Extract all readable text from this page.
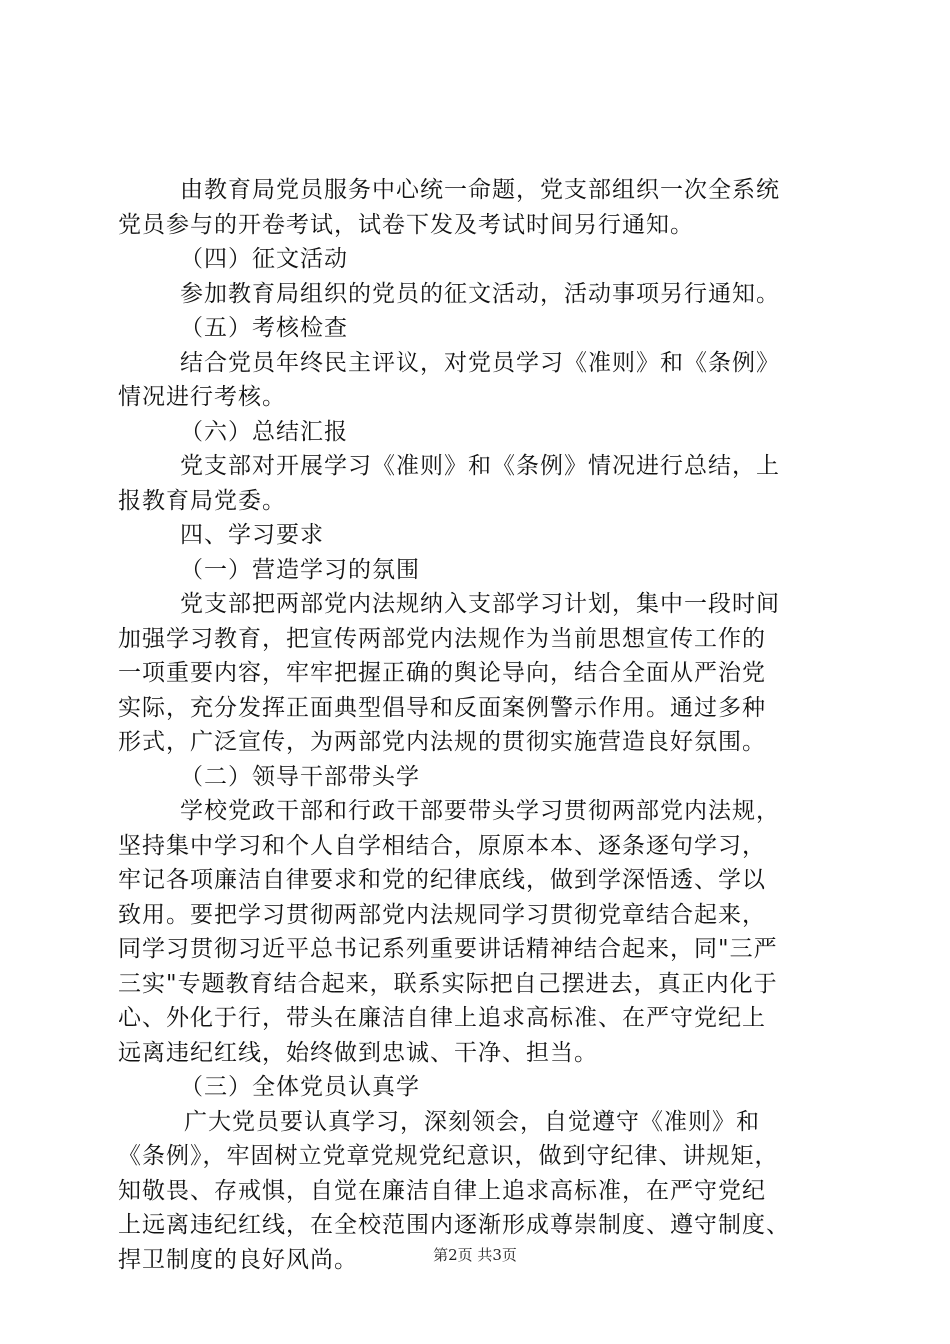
由教育局党员服务中心统一命题，党支部组织一次全系统
党员参与的开卷考试，试卷下发及考试时间另行通知。
（四）征文活动
参加教育局组织的党员的征文活动，活动事项另行通知。
（五）考核检查
结合党员年终民主评议，对党员学习《准则》和《条例》
情况进行考核。
（六）总结汇报
党支部对开展学习《准则》和《条例》情况进行总结，上
报教育局党委。
四、学习要求
（一）营造学习的氛围
党支部把两部党内法规纳入支部学习计划，集中一段时间
加强学习教育，把宣传两部党内法规作为当前思想宣传工作的
一项重要内容，牢牢把握正确的舆论导向，结合全面从严治党
实际，充分发挥正面典型倡导和反面案例警示作用。通过多种
形式，广泛宣传，为两部党内法规的贯彻实施营造良好氛围。
（二）领导干部带头学
学校党政干部和行政干部要带头学习贯彻两部党内法规，
坚持集中学习和个人自学相结合，原原本本、逐条逐句学习，
牢记各项廉洁自律要求和党的纪律底线，做到学深悟透、学以
致用。要把学习贯彻两部党内法规同学习贯彻党章结合起来，
同学习贯彻习近平总书记系列重要讲话精神结合起来，同"三严
三实"专题教育结合起来，联系实际把自己摆进去，真正内化于
心、外化于行，带头在廉洁自律上追求高标准、在严守党纪上
远离违纪红线，始终做到忠诚、干净、担当。
（三）全体党员认真学
广大党员要认真学习，深刻领会，自觉遵守《准则》和
《条例》，牢固树立党章党规党纪意识，做到守纪律、讲规矩，
知敬畏、存戒惧，自觉在廉洁自律上追求高标准，在严守党纪
上远离违纪红线，在全校范围内逐渐形成尊崇制度、遵守制度、
捍卫制度的良好风尚。	第2页 共3页
